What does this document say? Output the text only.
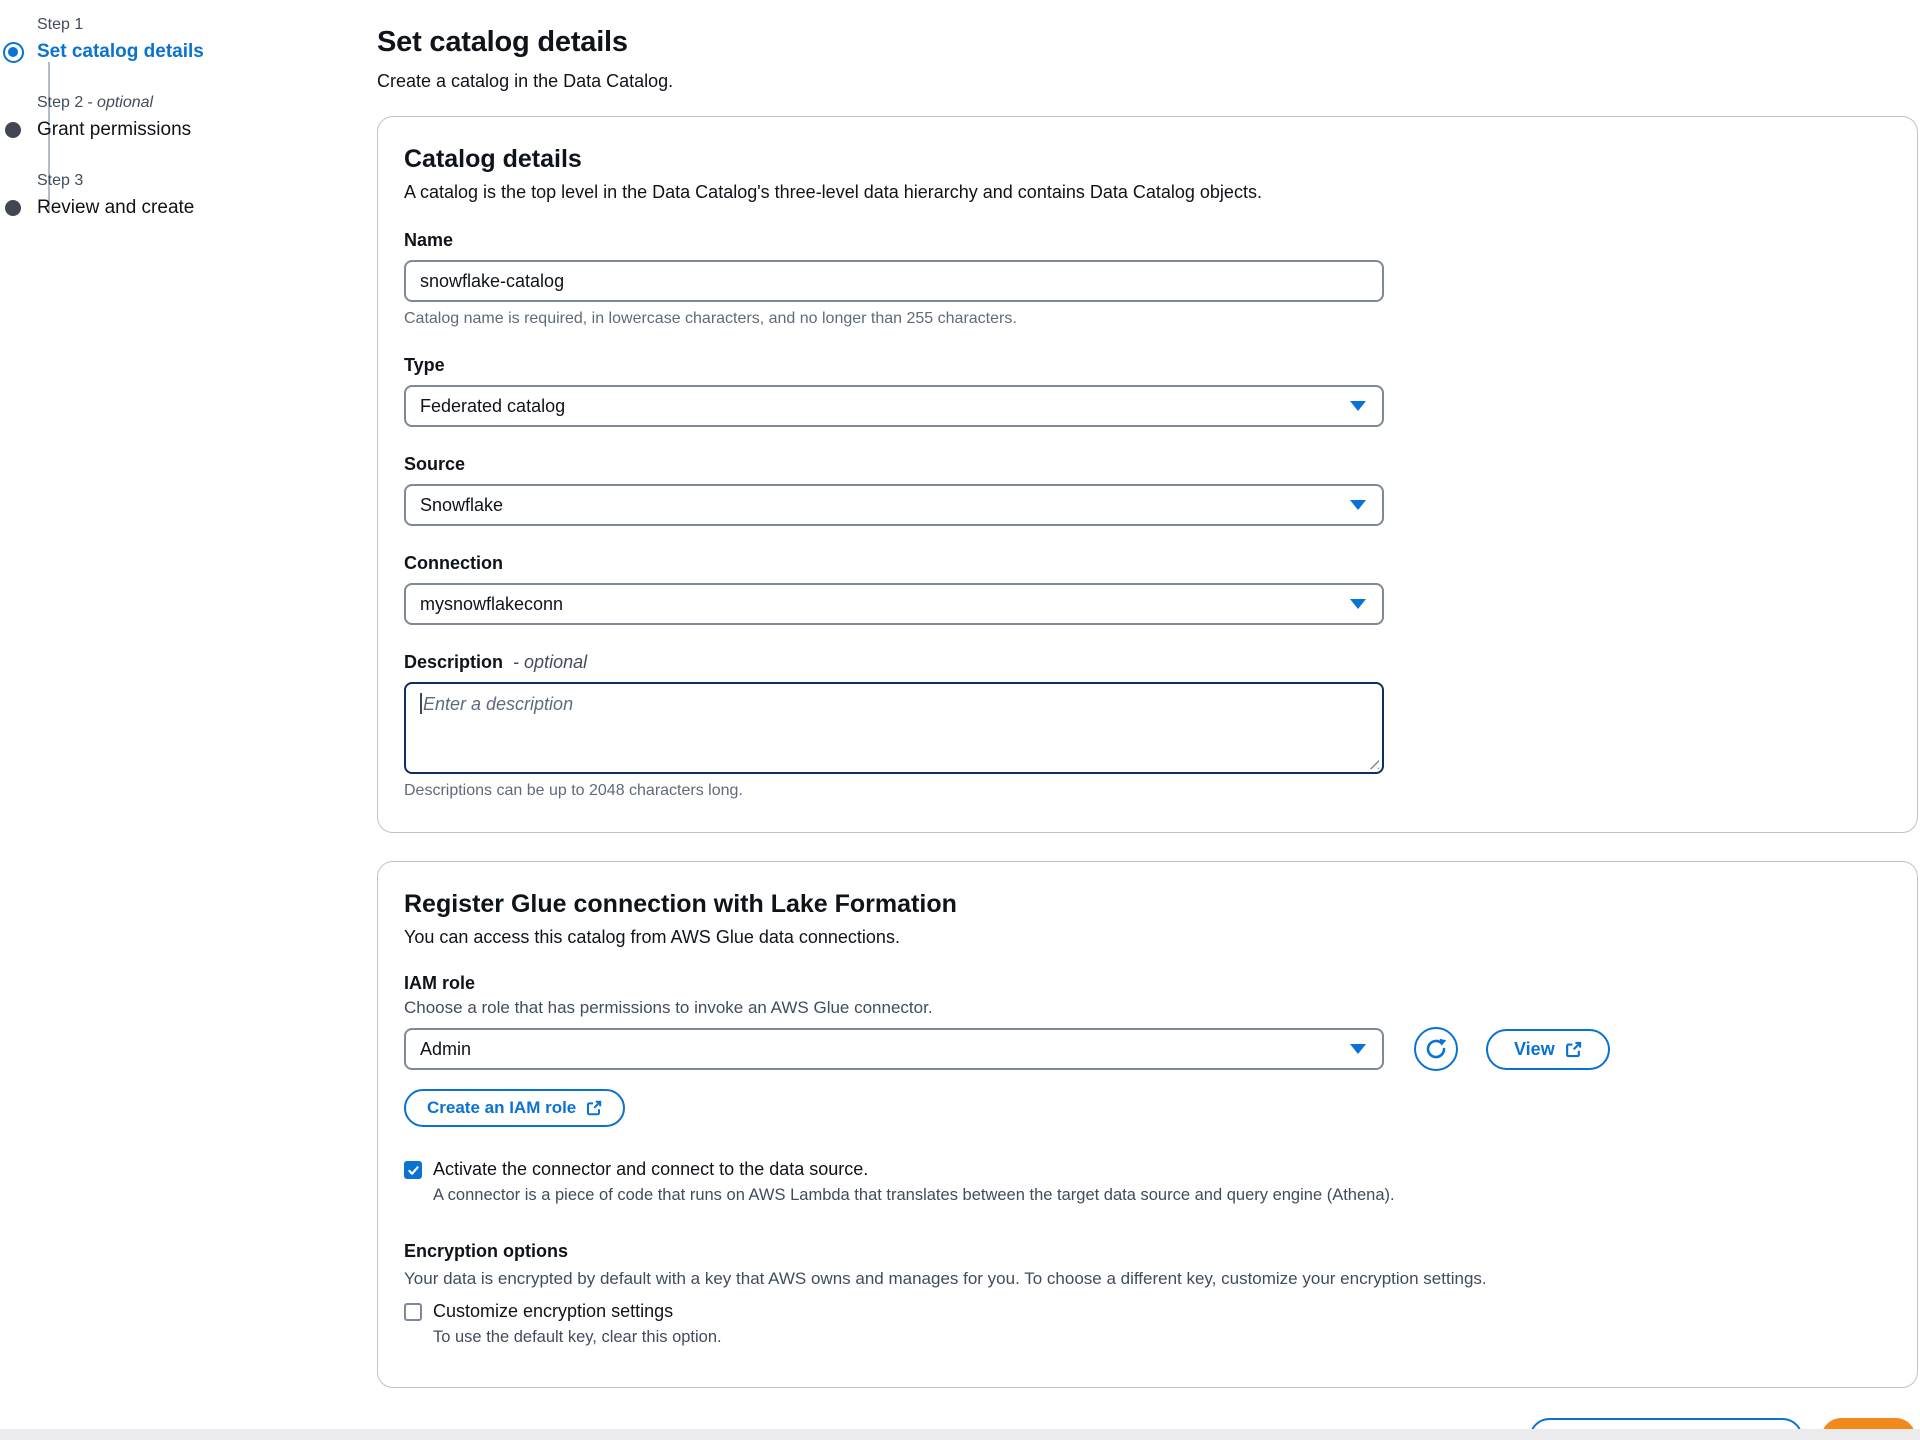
Step 1
Set catalog details
Step 2 - optional
Grant permissions
Step 3
Review and create
Set catalog details
Create a catalog in the Data Catalog.
Catalog details
A catalog is the top level in the Data Catalog's three-level data hierarchy and contains Data Catalog objects.
Name
snowflake-catalog
Catalog name is required, in lowercase characters, and no longer than 255 characters.
Type
Federated catalog
Source
Snowflake
Connection
mysnowflakeconn
Description - optional
Enter a description
Descriptions can be up to 2048 characters long.
Register Glue connection with Lake Formation
You can access this catalog from AWS Glue data connections.
IAM role
Choose a role that has permissions to invoke an AWS Glue connector.
Admin	View
Create an IAM role
Activate the connector and connect to the data source.
A connector is a piece of code that runs on AWS Lambda that translates between the target data source and query engine (Athena).
Encryption options
Your data is encrypted by default with a key that AWS owns and manages for you. To choose a different key, customize your encryption settings.
Customize encryption settings
To use the default key, clear this option.
